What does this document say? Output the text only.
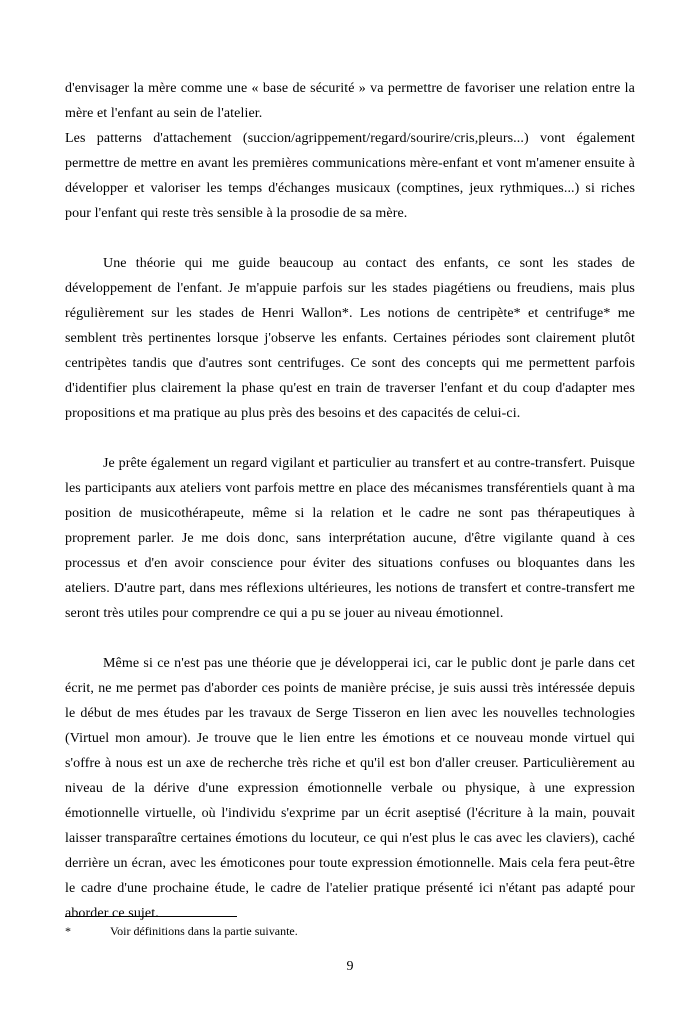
d'envisager la mère comme une « base de sécurité » va permettre de favoriser une relation entre la mère et l'enfant au sein de l'atelier.

Les patterns d'attachement (succion/agrippement/regard/sourire/cris,pleurs...) vont également permettre de mettre en avant les premières communications mère-enfant et vont m'amener ensuite à développer et valoriser les temps d'échanges musicaux (comptines, jeux rythmiques...) si riches pour l'enfant qui reste très sensible à la prosodie de sa mère.

Une théorie qui me guide beaucoup au contact des enfants, ce sont les stades de développement de l'enfant. Je m'appuie parfois sur les stades piagétiens ou freudiens, mais plus régulièrement sur les stades de Henri Wallon*. Les notions de centripète* et centrifuge* me semblent très pertinentes lorsque j'observe les enfants. Certaines périodes sont clairement plutôt centripètes tandis que d'autres sont centrifuges. Ce sont des concepts qui me permettent parfois d'identifier plus clairement la phase qu'est en train de traverser l'enfant et du coup d'adapter mes propositions et ma pratique au plus près des besoins et des capacités de celui-ci.

Je prête également un regard vigilant et particulier au transfert et au contre-transfert. Puisque les participants aux ateliers vont parfois mettre en place des mécanismes transférentiels quant à ma position de musicothérapeute, même si la relation et le cadre ne sont pas thérapeutiques à proprement parler. Je me dois donc, sans interprétation aucune, d'être vigilante quand à ces processus et d'en avoir conscience pour éviter des situations confuses ou bloquantes dans les ateliers. D'autre part, dans mes réflexions ultérieures, les notions de transfert et contre-transfert me seront très utiles pour comprendre ce qui a pu se jouer au niveau émotionnel.

Même si ce n'est pas une théorie que je développerai ici, car le public dont je parle dans cet écrit, ne me permet pas d'aborder ces points de manière précise, je suis aussi très intéressée depuis le début de mes études par les travaux de Serge Tisseron en lien avec les nouvelles technologies (Virtuel mon amour). Je trouve que le lien entre les émotions et ce nouveau monde virtuel qui s'offre à nous est un axe de recherche très riche et qu'il est bon d'aller creuser. Particulièrement au niveau de la dérive d'une expression émotionnelle verbale ou physique, à une expression émotionnelle virtuelle, où l'individu s'exprime par un écrit aseptisé (l'écriture à la main, pouvait laisser transparaître certaines émotions du locuteur, ce qui n'est plus le cas avec les claviers), caché derrière un écran, avec les émoticones pour toute expression émotionnelle. Mais cela fera peut-être le cadre d'une prochaine étude, le cadre de l'atelier pratique présenté ici n'étant pas adapté pour aborder ce sujet.

*	Voir définitions dans la partie suivante.
9
